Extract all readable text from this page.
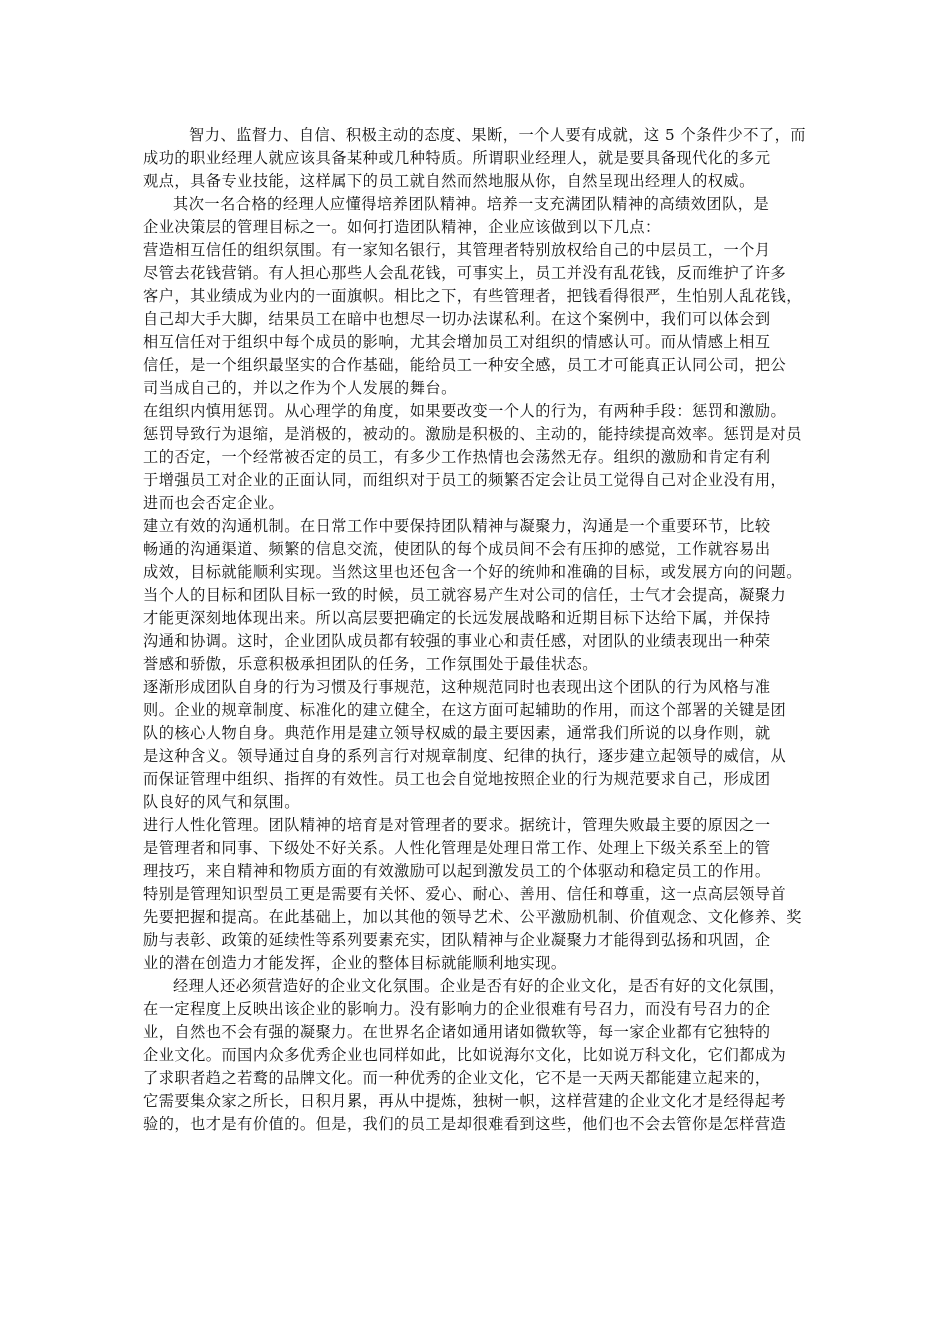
智力、监督力、自信、积极主动的态度、果断，一个人要有成就，这 5 个条件少不了，而
成功的职业经理人就应该具备某种或几种特质。所谓职业经理人，就是要具备现代化的多元
观点，具备专业技能，这样属下的员工就自然而然地服从你，自然呈现出经理人的权威。
其次一名合格的经理人应懂得培养团队精神。培养一支充满团队精神的高绩效团队，是
企业决策层的管理目标之一。如何打造团队精神，企业应该做到以下几点：
营造相互信任的组织氛围。有一家知名银行，其管理者特别放权给自己的中层员工，一个月
尽管去花钱营销。有人担心那些人会乱花钱，可事实上，员工并没有乱花钱，反而维护了许多
客户，其业绩成为业内的一面旗帜。相比之下，有些管理者，把钱看得很严，生怕别人乱花钱，
自己却大手大脚，结果员工在暗中也想尽一切办法谋私利。在这个案例中，我们可以体会到
相互信任对于组织中每个成员的影响，尤其会增加员工对组织的情感认可。而从情感上相互
信任，是一个组织最坚实的合作基础，能给员工一种安全感，员工才可能真正认同公司，把公
司当成自己的，并以之作为个人发展的舞台。
在组织内慎用惩罚。从心理学的角度，如果要改变一个人的行为，有两种手段：惩罚和激励。
惩罚导致行为退缩，是消极的，被动的。激励是积极的、主动的，能持续提高效率。惩罚是对员
工的否定，一个经常被否定的员工，有多少工作热情也会荡然无存。组织的激励和肯定有利
于增强员工对企业的正面认同，而组织对于员工的频繁否定会让员工觉得自己对企业没有用，
进而也会否定企业。
建立有效的沟通机制。在日常工作中要保持团队精神与凝聚力，沟通是一个重要环节，比较
畅通的沟通渠道、频繁的信息交流，使团队的每个成员间不会有压抑的感觉，工作就容易出
成效，目标就能顺利实现。当然这里也还包含一个好的统帅和准确的目标，或发展方向的问题。
当个人的目标和团队目标一致的时候，员工就容易产生对公司的信任，士气才会提高，凝聚力
才能更深刻地体现出来。所以高层要把确定的长远发展战略和近期目标下达给下属，并保持
沟通和协调。这时，企业团队成员都有较强的事业心和责任感，对团队的业绩表现出一种荣
誉感和骄傲，乐意积极承担团队的任务，工作氛围处于最佳状态。
逐渐形成团队自身的行为习惯及行事规范，这种规范同时也表现出这个团队的行为风格与准
则。企业的规章制度、标准化的建立健全，在这方面可起辅助的作用，而这个部署的关键是团
队的核心人物自身。典范作用是建立领导权威的最主要因素，通常我们所说的以身作则，就
是这种含义。领导通过自身的系列言行对规章制度、纪律的执行，逐步建立起领导的威信，从
而保证管理中组织、指挥的有效性。员工也会自觉地按照企业的行为规范要求自己，形成团
队良好的风气和氛围。
进行人性化管理。团队精神的培育是对管理者的要求。据统计，管理失败最主要的原因之一
是管理者和同事、下级处不好关系。人性化管理是处理日常工作、处理上下级关系至上的管
理技巧，来自精神和物质方面的有效激励可以起到激发员工的个体驱动和稳定员工的作用。
特别是管理知识型员工更是需要有关怀、爱心、耐心、善用、信任和尊重，这一点高层领导首
先要把握和提高。在此基础上，加以其他的领导艺术、公平激励机制、价值观念、文化修养、奖
励与表彰、政策的延续性等系列要素充实，团队精神与企业凝聚力才能得到弘扬和巩固，企
业的潜在创造力才能发挥，企业的整体目标就能顺利地实现。
经理人还必须营造好的企业文化氛围。企业是否有好的企业文化，是否有好的文化氛围，
在一定程度上反映出该企业的影响力。没有影响力的企业很难有号召力，而没有号召力的企
业，自然也不会有强的凝聚力。在世界名企诸如通用诸如微软等，每一家企业都有它独特的
企业文化。而国内众多优秀企业也同样如此，比如说海尔文化，比如说万科文化，它们都成为
了求职者趋之若鹜的品牌文化。而一种优秀的企业文化，它不是一天两天都能建立起来的，
它需要集众家之所长，日积月累，再从中提炼，独树一帜，这样营建的企业文化才是经得起考
验的，也才是有价值的。但是，我们的员工是却很难看到这些，他们也不会去管你是怎样营造
